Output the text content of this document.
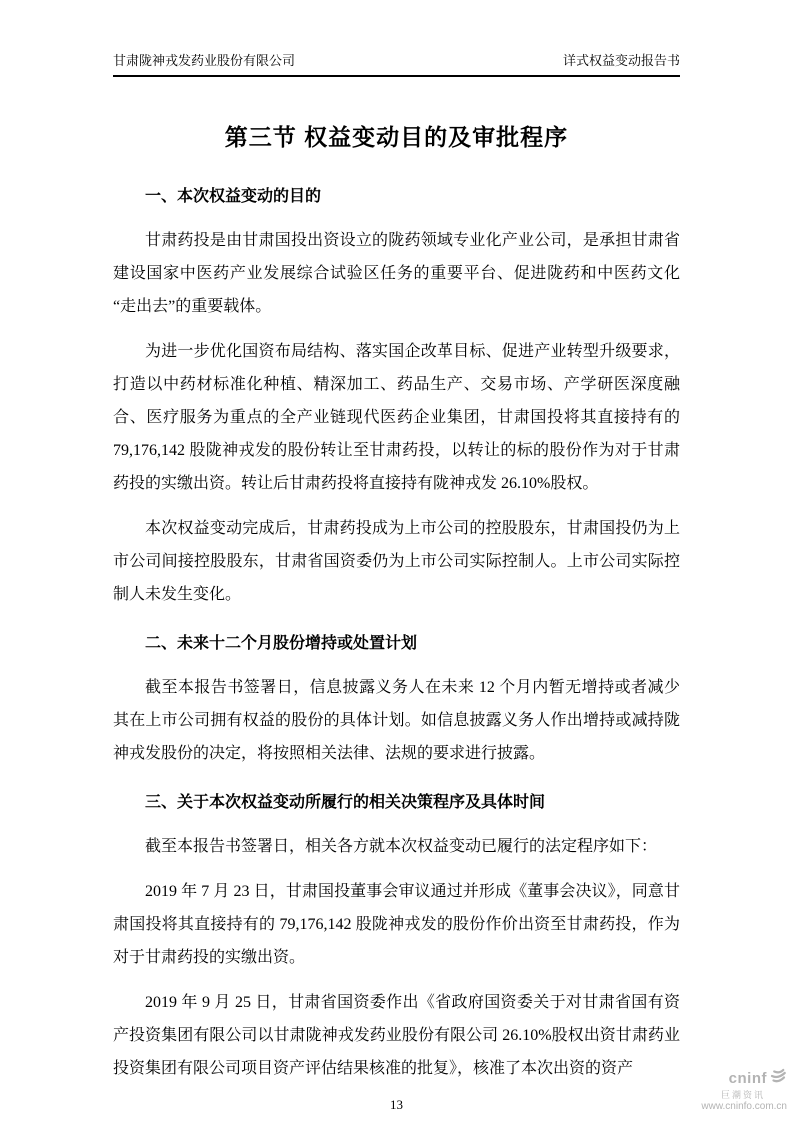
甘肃陇神戎发药业股份有限公司	详式权益变动报告书
第三节 权益变动目的及审批程序
一、本次权益变动的目的
甘肃药投是由甘肃国投出资设立的陇药领域专业化产业公司，是承担甘肃省建设国家中医药产业发展综合试验区任务的重要平台、促进陇药和中医药文化“走出去”的重要载体。
为进一步优化国资布局结构、落实国企改革目标、促进产业转型升级要求，打造以中药材标准化种植、精深加工、药品生产、交易市场、产学研医深度融合、医疗服务为重点的全产业链现代医药企业集团，甘肃国投将其直接持有的 79,176,142 股陇神戎发的股份转让至甘肃药投，以转让的标的股份作为对于甘肃药投的实缴出资。转让后甘肃药投将直接持有陇神戎发 26.10%股权。
本次权益变动完成后，甘肃药投成为上市公司的控股股东，甘肃国投仍为上市公司间接控股股东，甘肃省国资委仍为上市公司实际控制人。上市公司实际控制人未发生变化。
二、未来十二个月股份增持或处置计划
截至本报告书签署日，信息披露义务人在未来 12 个月内暂无增持或者减少其在上市公司拥有权益的股份的具体计划。如信息披露义务人作出增持或减持陇神戎发股份的决定，将按照相关法律、法规的要求进行披露。
三、关于本次权益变动所履行的相关决策程序及具体时间
截至本报告书签署日，相关各方就本次权益变动已履行的法定程序如下：
2019 年 7 月 23 日，甘肃国投董事会审议通过并形成《董事会决议》，同意甘肃国投将其直接持有的 79,176,142 股陇神戎发的股份作价出资至甘肃药投，作为对于甘肃药投的实缴出资。
2019 年 9 月 25 日，甘肃省国资委作出《省政府国资委关于对甘肃省国有资产投资集团有限公司以甘肃陇神戎发药业股份有限公司 26.10%股权出资甘肃药业投资集团有限公司项目资产评估结果核准的批复》，核准了本次出资的资产
13
cninf
巨潮资讯
www.cninfo.com.cn
